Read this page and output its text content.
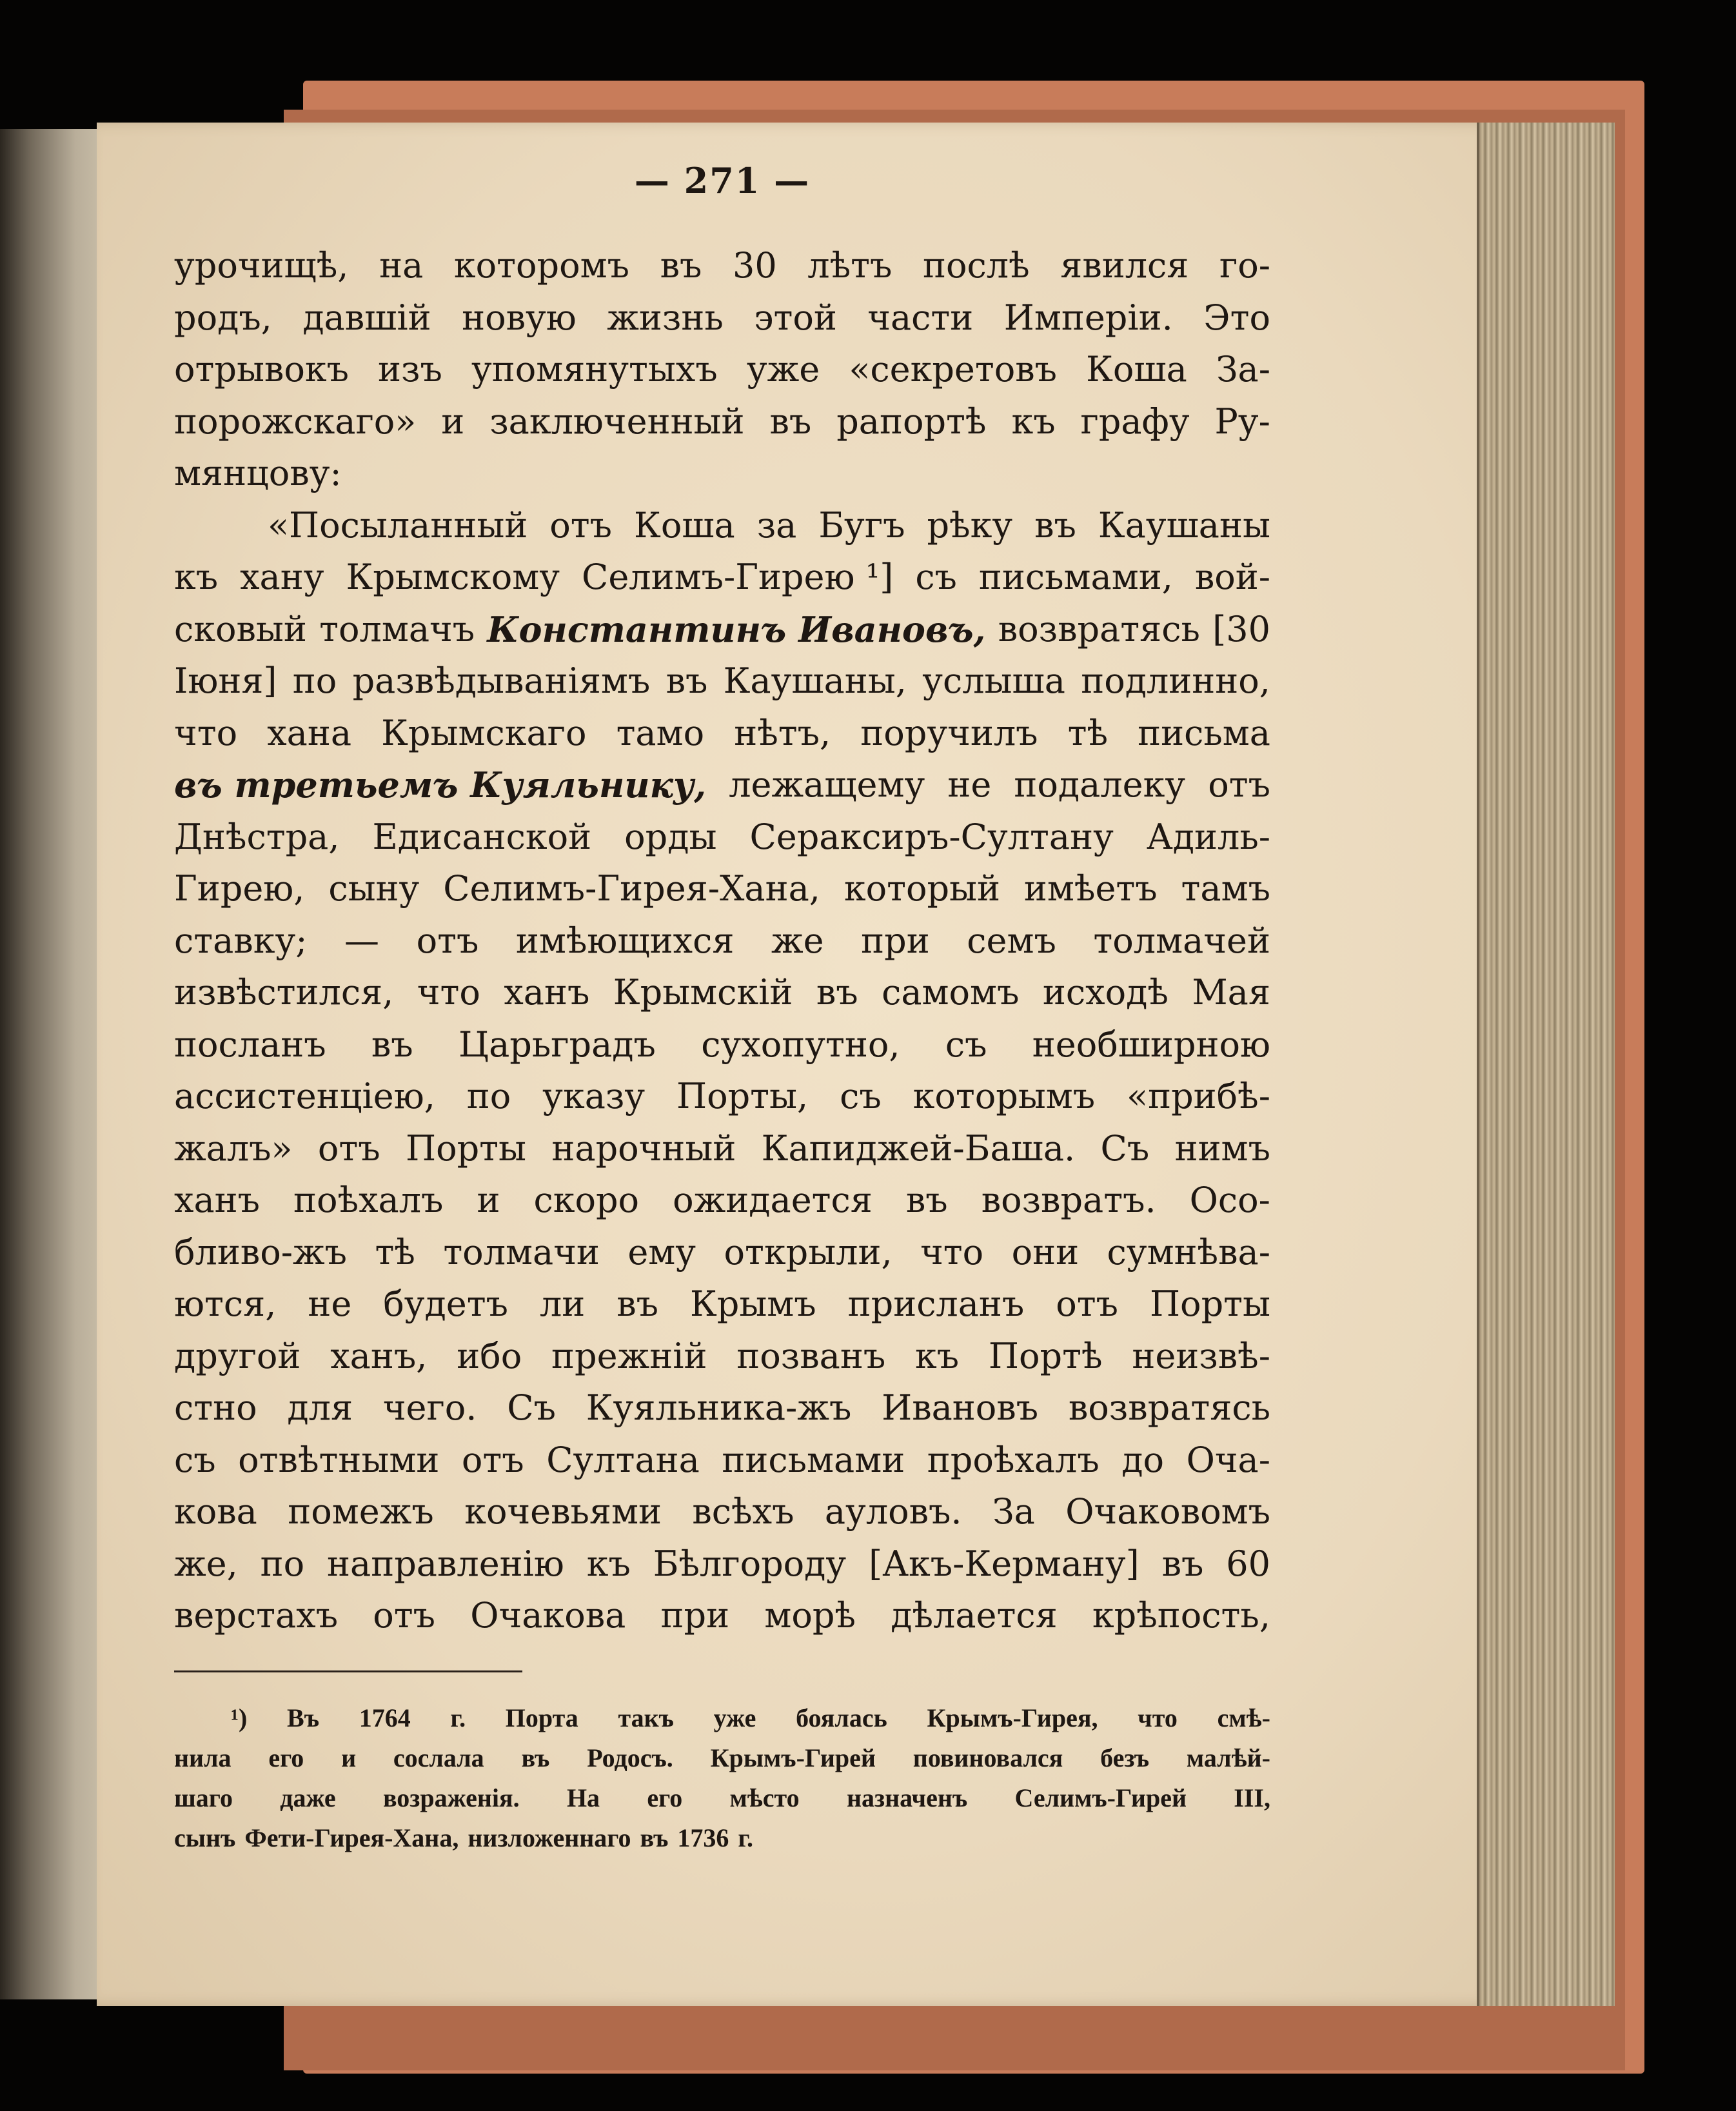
— 271 —
урочищѣ, на которомъ въ 30 лѣтъ послѣ явился го-
родъ, давшій новую жизнь этой части Имперіи. Это
отрывокъ изъ упомянутыхъ уже «секретовъ Коша За-
порожскаго» и заключенный въ рапортѣ къ графу Ру-
мянцову:
«Посыланный отъ Коша за Бугъ рѣку въ Каушаны
къ хану Крымскому Селимъ-Гирею ¹] съ письмами, вой-
сковый толмачъ Константинъ Ивановъ, возвратясь [30
Іюня] по развѣдываніямъ въ Каушаны, услыша подлинно,
что хана Крымскаго тамо нѣтъ, поручилъ тѣ письма
въ третьемъ Куяльнику, лежащему не подалеку отъ
Днѣстра, Едисанской орды Сераксиръ-Султану Адиль-
Гирею, сыну Селимъ-Гирея-Хана, который имѣетъ тамъ
ставку; — отъ имѣющихся же при семъ толмачей
извѣстился, что ханъ Крымскій въ самомъ исходѣ Мая
посланъ въ Царьградъ сухопутно, съ необширною
ассистенціею, по указу Порты, съ которымъ «прибѣ-
жалъ» отъ Порты нарочный Капиджей-Баша. Съ нимъ
ханъ поѣхалъ и скоро ожидается въ возвратъ. Осо-
бливо-жъ тѣ толмачи ему открыли, что они сумнѣва-
ются, не будетъ ли въ Крымъ присланъ отъ Порты
другой ханъ, ибо прежній позванъ къ Портѣ неизвѣ-
стно для чего. Съ Куяльника-жъ Ивановъ возвратясь
съ отвѣтными отъ Султана письмами проѣхалъ до Оча-
кова помежъ кочевьями всѣхъ ауловъ. За Очаковомъ
же, по направленію къ Бѣлгороду [Акъ-Керману] въ 60
верстахъ отъ Очакова при морѣ дѣлается крѣпость,
¹) Въ 1764 г. Порта такъ уже боялась Крымъ-Гирея, что смѣ-
нила его и сослала въ Родосъ. Крымъ-Гирей повиновался безъ малѣй-
шаго даже возраженія. На его мѣсто назначенъ Селимъ-Гирей III,
сынъ Фети-Гирея-Хана, низложеннаго въ 1736 г.
